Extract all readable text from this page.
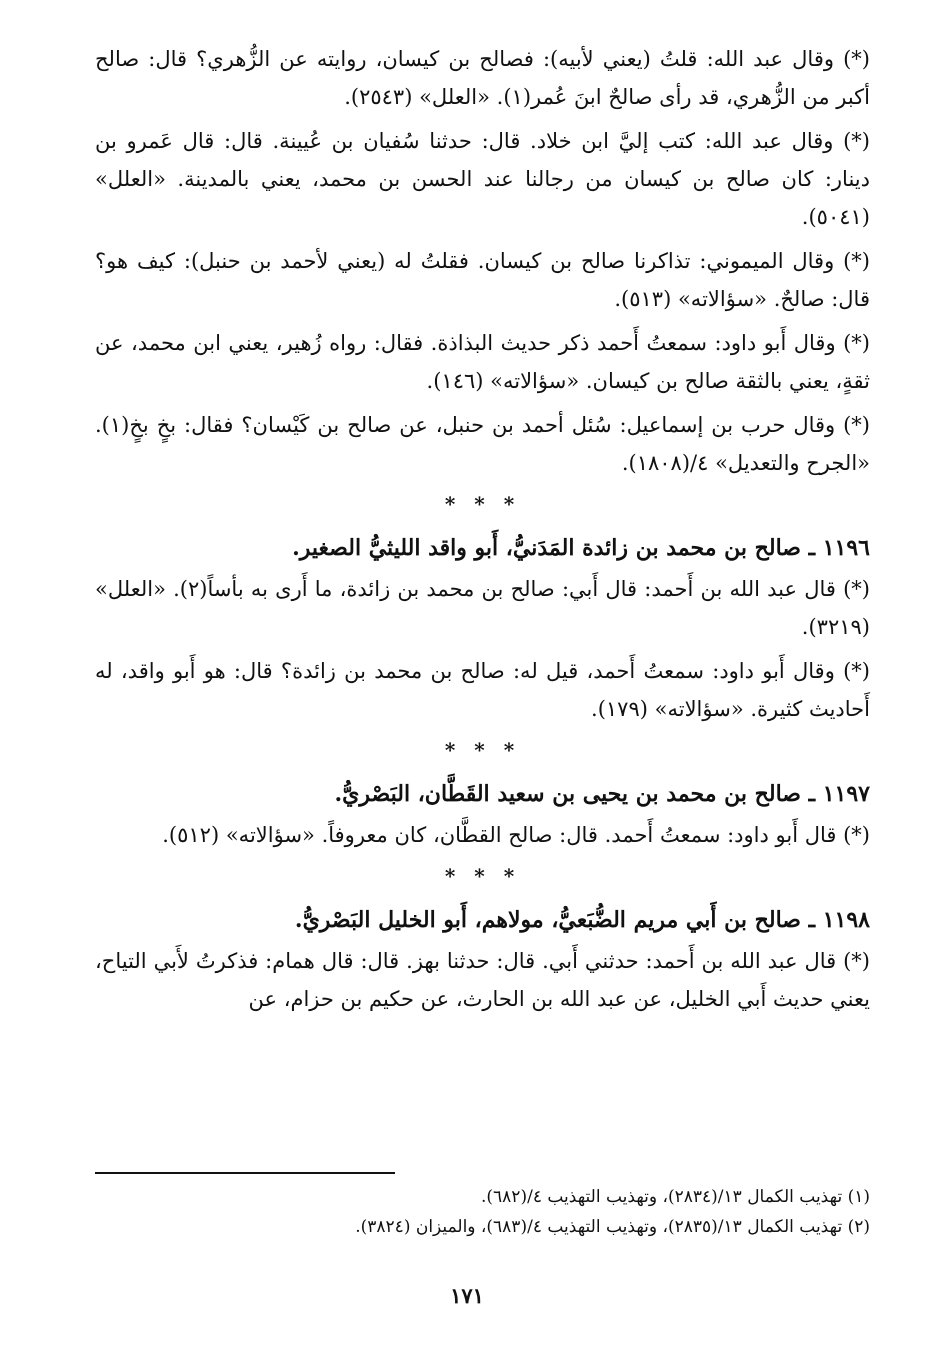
(*) وقال عبد الله: قلتُ (يعني لأبيه): فصالح بن كيسان، روايته عن الزُّهري؟ قال: صالح أكبر من الزُّهري، قد رأى صالحٌ ابنَ عُمر(١). «العلل» (٢٥٤٣).

(*) وقال عبد الله: كتب إليَّ ابن خلاد. قال: حدثنا سُفيان بن عُيينة. قال: قال عَمرو بن دينار: كان صالح بن كيسان من رجالنا عند الحسن بن محمد، يعني بالمدينة. «العلل» (٥٠٤١).

(*) وقال الميموني: تذاكرنا صالح بن كيسان. فقلتُ له (يعني لأحمد بن حنبل): كيف هو؟ قال: صالحٌ. «سؤالاته» (٥١٣).

(*) وقال أَبو داود: سمعتُ أَحمد ذكر حديث البذاذة. فقال: رواه زُهير، يعني ابن محمد، عن ثقةٍ، يعني بالثقة صالح بن كيسان. «سؤالاته» (١٤٦).

(*) وقال حرب بن إسماعيل: سُئل أحمد بن حنبل، عن صالح بن كَيْسان؟ فقال: بخٍ بخٍ(١). «الجرح والتعديل» ٤/(١٨٠٨).

* * *
١١٩٦ ـ صالح بن محمد بن زائدة المَدَنيُّ، أَبو واقد الليثيُّ الصغير.

(*) قال عبد الله بن أَحمد: قال أَبي: صالح بن محمد بن زائدة، ما أَرى به بأساً(٢). «العلل» (٣٢١٩).

(*) وقال أَبو داود: سمعتُ أَحمد، قيل له: صالح بن محمد بن زائدة؟ قال: هو أَبو واقد، له أَحاديث كثيرة. «سؤالاته» (١٧٩).

* * *
١١٩٧ ـ صالح بن محمد بن يحيى بن سعيد القَطَّان، البَصْريُّ.

(*) قال أَبو داود: سمعتُ أَحمد. قال: صالح القطَّان، كان معروفاً. «سؤالاته» (٥١٢).

* * *
١١٩٨ ـ صالح بن أَبي مريم الضُّبَعيُّ، مولاهم، أَبو الخليل البَصْريُّ.

(*) قال عبد الله بن أَحمد: حدثني أَبي. قال: حدثنا بهز. قال: قال همام: فذكرتُ لأَبي التياح، يعني حديث أَبي الخليل، عن عبد الله بن الحارث، عن حكيم بن حزام، عن

(١) تهذيب الكمال ١٣/(٢٨٣٤)، وتهذيب التهذيب ٤/(٦٨٢).

(٢) تهذيب الكمال ١٣/(٢٨٣٥)، وتهذيب التهذيب ٤/(٦٨٣)، والميزان (٣٨٢٤).

١٧١
